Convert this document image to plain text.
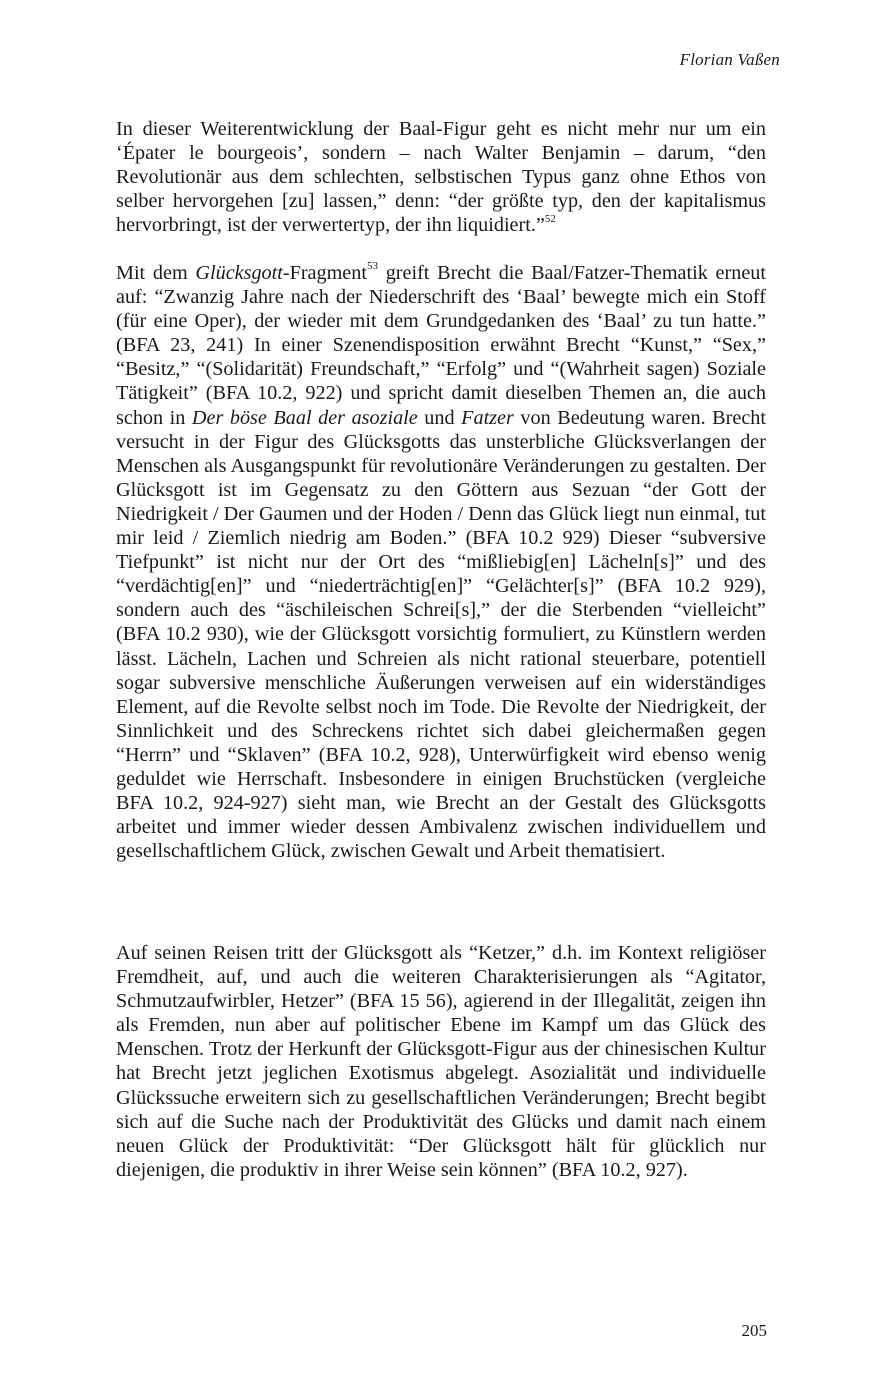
Florian Vaßen

In dieser Weiterentwicklung der Baal-Figur geht es nicht mehr nur um ein ‘Épater le bourgeois’, sondern – nach Walter Benjamin – darum, “den Revolutionär aus dem schlechten, selbstischen Typus ganz ohne Ethos von selber hervorgehen [zu] lassen,” denn: “der größte typ, den der kapitalismus hervorbringt, ist der verwertertyp, der ihn liquidiert.”$^{52}$

Mit dem Glücksgott-Fragment$^{53}$ greift Brecht die Baal/Fatzer-Thematik erneut auf: “Zwanzig Jahre nach der Niederschrift des ‘Baal’ bewegte mich ein Stoff (für eine Oper), der wieder mit dem Grundgedanken des ‘Baal’ zu tun hatte.” (BFA 23, 241) In einer Szenendisposition erwähnt Brecht “Kunst,” “Sex,” “Besitz,” “(Solidarität) Freundschaft,” “Erfolg” und “(Wahrheit sagen) Soziale Tätigkeit” (BFA 10.2, 922) und spricht damit dieselben Themen an, die auch schon in Der böse Baal der asoziale und Fatzer von Bedeutung waren. Brecht versucht in der Figur des Glücksgotts das unsterbliche Glücksverlangen der Menschen als Ausgangspunkt für revolutionäre Veränderungen zu gestalten. Der Glücksgott ist im Gegensatz zu den Göttern aus Sezuan “der Gott der Niedrigkeit / Der Gaumen und der Hoden / Denn das Glück liegt nun einmal, tut mir leid / Ziemlich niedrig am Boden.” (BFA 10.2 929) Dieser “subversive Tiefpunkt” ist nicht nur der Ort des “mißliebig[en] Lächeln[s]” und des “verdächtig[en]” und “niederträchtig[en]” “Gelächter[s]” (BFA 10.2 929), sondern auch des “äschileischen Schrei[s],” der die Sterbenden “vielleicht” (BFA 10.2 930), wie der Glücksgott vorsichtig formuliert, zu Künstlern werden lässt. Lächeln, Lachen und Schreien als nicht rational steuerbare, potentiell sogar subversive menschliche Äußerungen verweisen auf ein widerständiges Element, auf die Revolte selbst noch im Tode. Die Revolte der Niedrigkeit, der Sinnlichkeit und des Schreckens richtet sich dabei gleichermaßen gegen “Herrn” und “Sklaven” (BFA 10.2, 928), Unterwürfigkeit wird ebenso wenig geduldet wie Herrschaft. Insbesondere in einigen Bruchstücken (vergleiche BFA 10.2, 924-927) sieht man, wie Brecht an der Gestalt des Glücksgotts arbeitet und immer wieder dessen Ambivalenz zwischen individuellem und gesellschaftlichem Glück, zwischen Gewalt und Arbeit thematisiert.

Auf seinen Reisen tritt der Glücksgott als “Ketzer,” d.h. im Kontext religiöser Fremdheit, auf, und auch die weiteren Charakterisierungen als “Agitator, Schmutzaufwirbler, Hetzer” (BFA 15 56), agierend in der Illegalität, zeigen ihn als Fremden, nun aber auf politischer Ebene im Kampf um das Glück des Menschen. Trotz der Herkunft der Glücksgott-Figur aus der chinesischen Kultur hat Brecht jetzt jeglichen Exotismus abgelegt. Asozialität und individuelle Glückssuche erweitern sich zu gesellschaftlichen Veränderungen; Brecht begibt sich auf die Suche nach der Produktivität des Glücks und damit nach einem neuen Glück der Produktivität: “Der Glücksgott hält für glücklich nur diejenigen, die produktiv in ihrer Weise sein können” (BFA 10.2, 927).

205
